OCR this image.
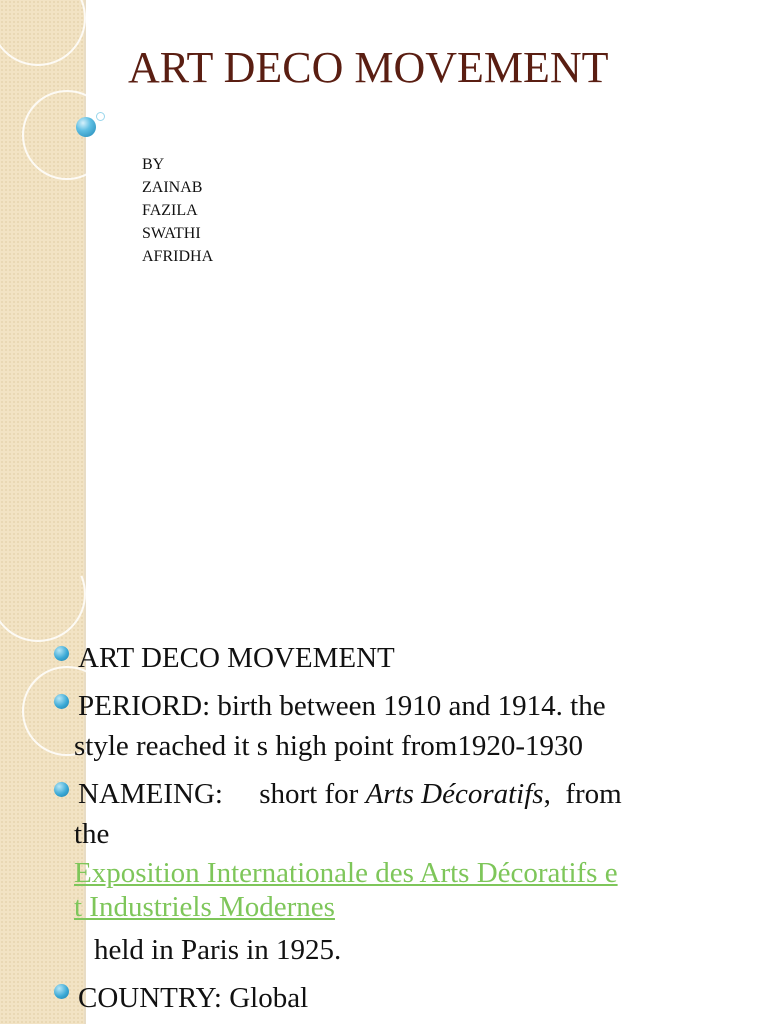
ART DECO MOVEMENT
BY
ZAINAB
FAZILA
SWATHI
AFRIDHA
ART DECO MOVEMENT
PERIORD: birth between 1910 and 1914. the
style reached it s high point from1920-1930
NAMEING:     short for Arts Décoratifs,  from
the
Exposition Internationale des Arts Décoratifs e
t Industriels Modernes
held in Paris in 1925.
COUNTRY: Global
